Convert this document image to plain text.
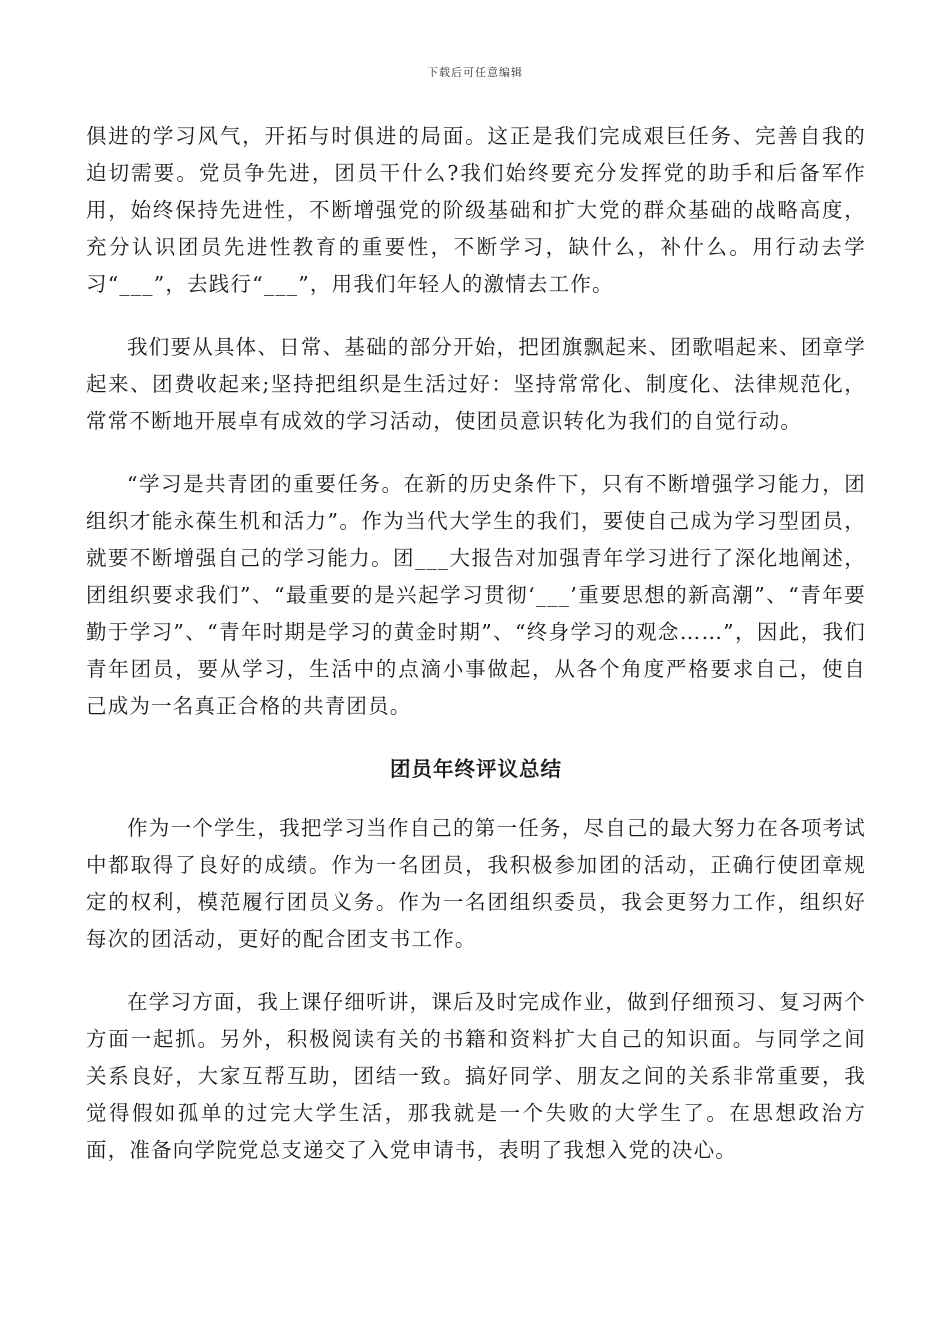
下载后可任意编辑

俱进的学习风气，开拓与时俱进的局面。这正是我们完成艰巨任务、完善自我的迫切需要。党员争先进，团员干什么?我们始终要充分发挥党的助手和后备军作用，始终保持先进性，不断增强党的阶级基础和扩大党的群众基础的战略高度，充分认识团员先进性教育的重要性，不断学习，缺什么，补什么。用行动去学习“___”，去践行“___”，用我们年轻人的激情去工作。

我们要从具体、日常、基础的部分开始，把团旗飘起来、团歌唱起来、团章学起来、团费收起来;坚持把组织是生活过好：坚持常常化、制度化、法律规范化，常常不断地开展卓有成效的学习活动，使团员意识转化为我们的自觉行动。

“学习是共青团的重要任务。在新的历史条件下，只有不断增强学习能力，团组织才能永葆生机和活力”。作为当代大学生的我们，要使自己成为学习型团员，就要不断增强自己的学习能力。团___大报告对加强青年学习进行了深化地阐述，团组织要求我们”、“最重要的是兴起学习贯彻‘___’重要思想的新高潮”、“青年要勤于学习”、“青年时期是学习的黄金时期”、“终身学习的观念……”，因此，我们青年团员，要从学习，生活中的点滴小事做起，从各个角度严格要求自己，使自己成为一名真正合格的共青团员。

团员年终评议总结

作为一个学生，我把学习当作自己的第一任务，尽自己的最大努力在各项考试中都取得了良好的成绩。作为一名团员，我积极参加团的活动，正确行使团章规定的权利，模范履行团员义务。作为一名团组织委员，我会更努力工作，组织好每次的团活动，更好的配合团支书工作。

在学习方面，我上课仔细听讲，课后及时完成作业，做到仔细预习、复习两个方面一起抓。另外，积极阅读有关的书籍和资料扩大自己的知识面。与同学之间关系良好，大家互帮互助，团结一致。搞好同学、朋友之间的关系非常重要，我觉得假如孤单的过完大学生活，那我就是一个失败的大学生了。在思想政治方面，准备向学院党总支递交了入党申请书，表明了我想入党的决心。
